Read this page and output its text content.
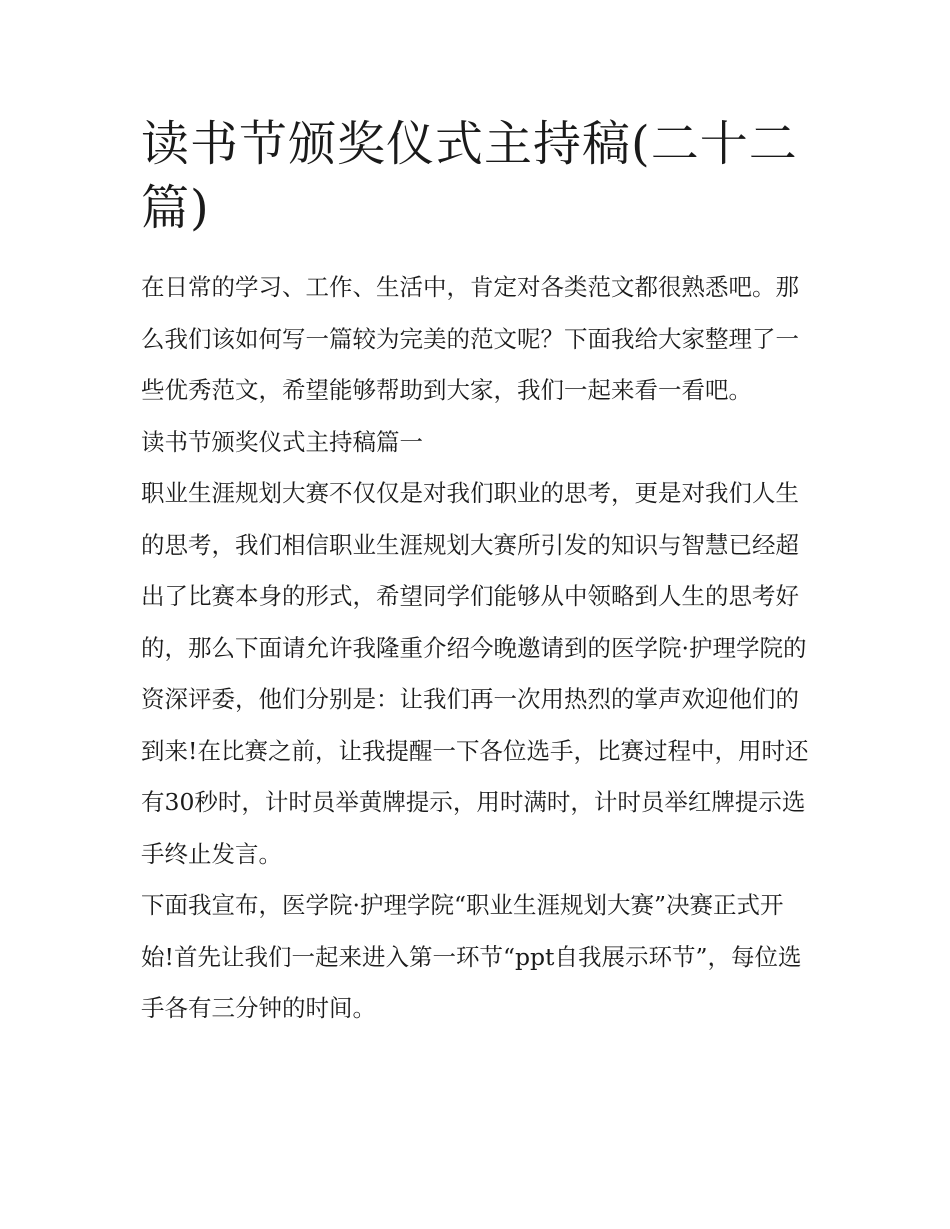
读书节颁奖仪式主持稿(二十二篇)

在日常的学习、工作、生活中，肯定对各类范文都很熟悉吧。那么我们该如何写一篇较为完美的范文呢？下面我给大家整理了一些优秀范文，希望能够帮助到大家，我们一起来看一看吧。

读书节颁奖仪式主持稿篇一

职业生涯规划大赛不仅仅是对我们职业的思考，更是对我们人生的思考，我们相信职业生涯规划大赛所引发的知识与智慧已经超出了比赛本身的形式，希望同学们能够从中领略到人生的思考好的，那么下面请允许我隆重介绍今晚邀请到的医学院·护理学院的资深评委，他们分别是：让我们再一次用热烈的掌声欢迎他们的到来!在比赛之前，让我提醒一下各位选手，比赛过程中，用时还有30秒时，计时员举黄牌提示，用时满时，计时员举红牌提示选手终止发言。

下面我宣布，医学院·护理学院“职业生涯规划大赛”决赛正式开始!首先让我们一起来进入第一环节“ppt自我展示环节”，每位选手各有三分钟的时间。
